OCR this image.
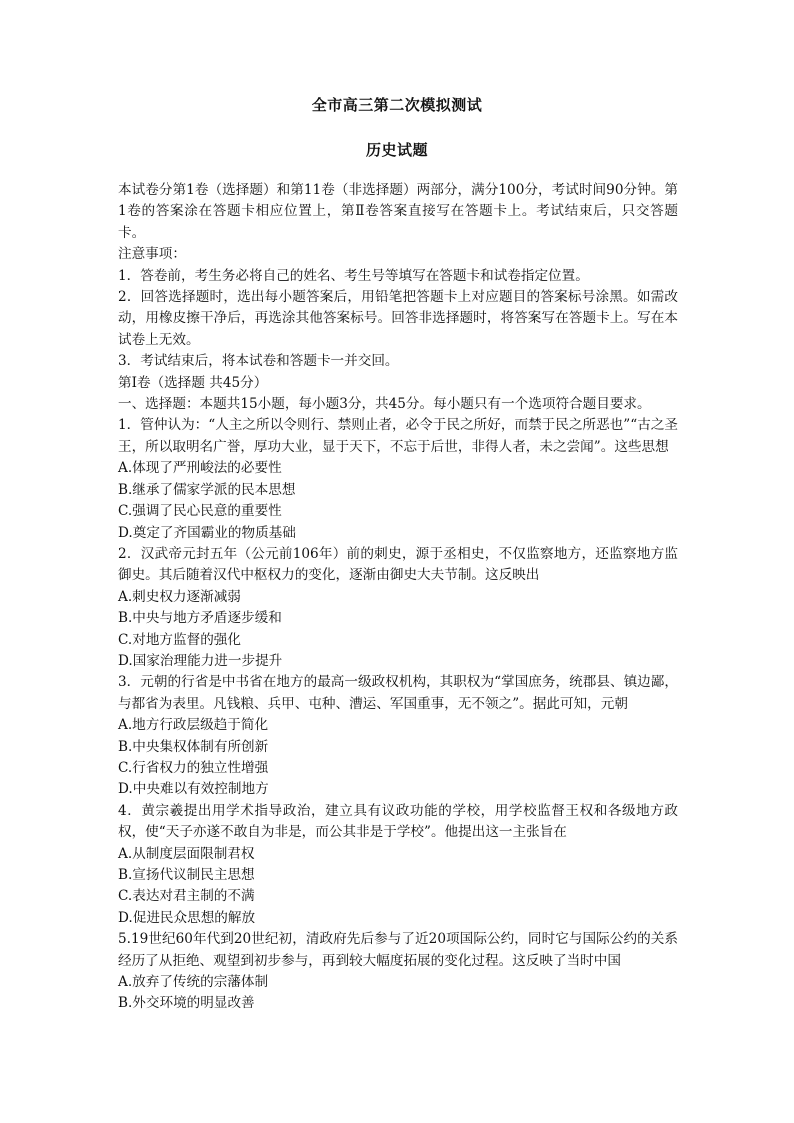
全市高三第二次模拟测试
历史试题

本试卷分第1卷（选择题）和第11卷（非选择题）两部分，满分100分，考试时间90分钟。第1卷的答案涂在答题卡相应位置上，第Ⅱ卷答案直接写在答题卡上。考试结束后，只交答题卡。

注意事项：

1．答卷前，考生务必将自己的姓名、考生号等填写在答题卡和试卷指定位置。

2．回答选择题时，选出每小题答案后，用铅笔把答题卡上对应题目的答案标号涂黑。如需改动，用橡皮擦干净后，再选涂其他答案标号。回答非选择题时，将答案写在答题卡上。写在本试卷上无效。

3．考试结束后，将本试卷和答题卡一并交回。

第Ⅰ卷（选择题 共45分）

一、选择题：本题共15小题，每小题3分，共45分。每小题只有一个选项符合题目要求。

1．管仲认为：“人主之所以令则行、禁则止者，必令于民之所好，而禁于民之所恶也”“古之圣王，所以取明名广誉，厚功大业，显于天下，不忘于后世，非得人者，未之尝闻”。这些思想

A.体现了严刑峻法的必要性

B.继承了儒家学派的民本思想

C.强调了民心民意的重要性

D.奠定了齐国霸业的物质基础

2．汉武帝元封五年（公元前106年）前的刺史，源于丞相史，不仅监察地方，还监察地方监御史。其后随着汉代中枢权力的变化，逐渐由御史大夫节制。这反映出

A.刺史权力逐渐减弱

B.中央与地方矛盾逐步缓和

C.对地方监督的强化

D.国家治理能力进一步提升

3．元朝的行省是中书省在地方的最高一级政权机构，其职权为“掌国庶务，统郡县、镇边鄙，与都省为表里。凡钱粮、兵甲、屯种、漕运、军国重事，无不领之”。据此可知，元朝

A.地方行政层级趋于简化

B.中央集权体制有所创新

C.行省权力的独立性增强

D.中央难以有效控制地方

4．黄宗羲提出用学术指导政治，建立具有议政功能的学校，用学校监督王权和各级地方政权，使“天子亦遂不敢自为非是，而公其非是于学校”。他提出这一主张旨在

A.从制度层面限制君权

B.宣扬代议制民主思想

C.表达对君主制的不满

D.促进民众思想的解放

5.19世纪60年代到20世纪初，清政府先后参与了近20项国际公约，同时它与国际公约的关系经历了从拒绝、观望到初步参与，再到较大幅度拓展的变化过程。这反映了当时中国

A.放弃了传统的宗藩体制

B.外交环境的明显改善
